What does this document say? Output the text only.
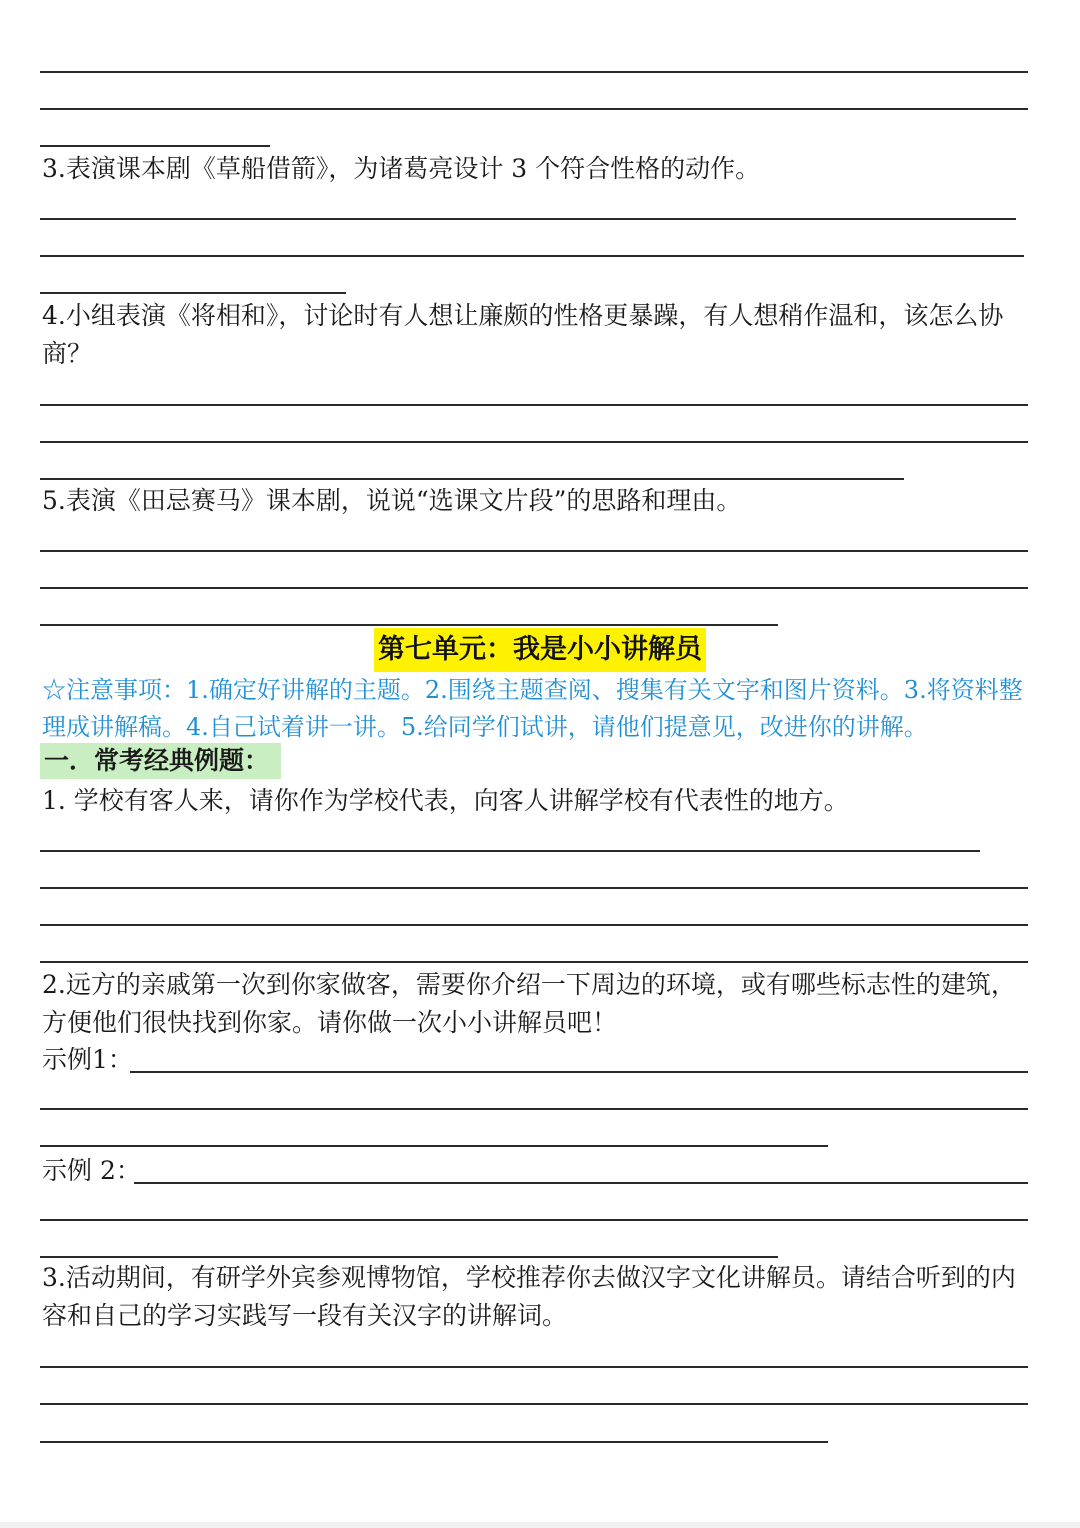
3.表演课本剧《草船借箭》，为诸葛亮设计 3 个符合性格的动作。
4.小组表演《将相和》，讨论时有人想让廉颇的性格更暴躁，有人想稍作温和，该怎么协商？
5.表演《田忌赛马》课本剧，说说“选课文片段”的思路和理由。
第七单元：我是小小讲解员
☆注意事项：1.确定好讲解的主题。2.围绕主题查阅、搜集有关文字和图片资料。3.将资料整理成讲解稿。4.自己试着讲一讲。5.给同学们试讲，请他们提意见，改进你的讲解。
一．常考经典例题：
1. 学校有客人来，请你作为学校代表，向客人讲解学校有代表性的地方。
2.远方的亲戚第一次到你家做客，需要你介绍一下周边的环境，或有哪些标志性的建筑，方便他们很快找到你家。请你做一次小小讲解员吧！
示例1：
示例 2：
3.活动期间，有研学外宾参观博物馆，学校推荐你去做汉字文化讲解员。请结合听到的内容和自己的学习实践写一段有关汉字的讲解词。
